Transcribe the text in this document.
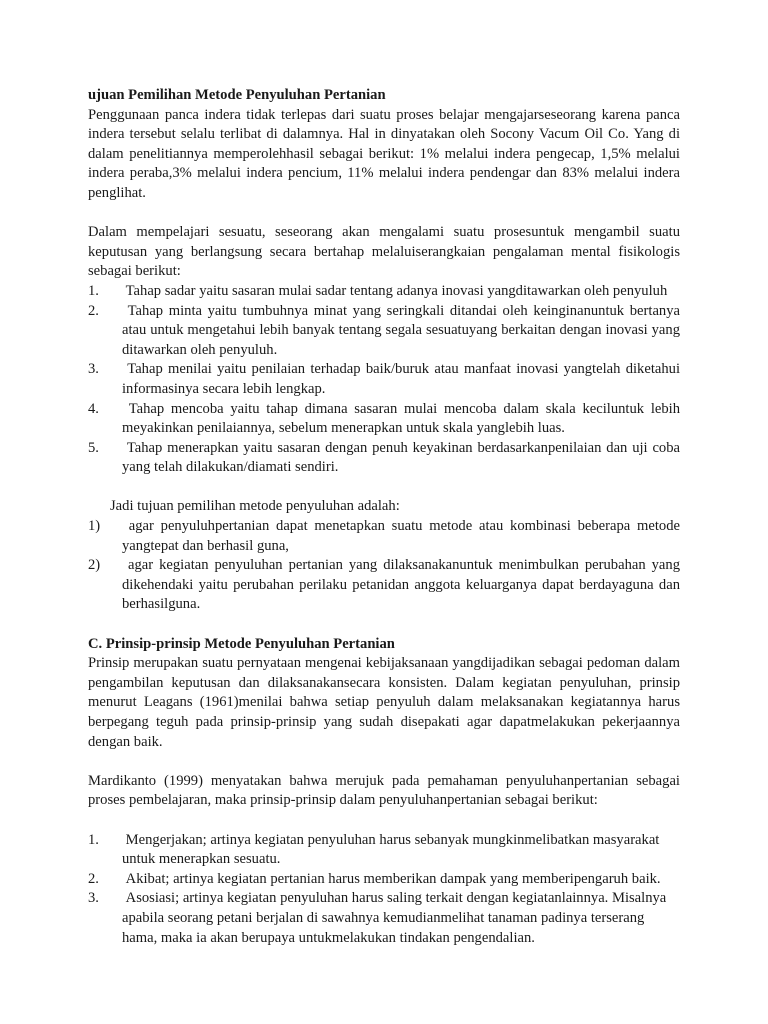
ujuan Pemilihan Metode Penyuluhan Pertanian

Penggunaan panca indera tidak terlepas dari suatu proses belajar mengajarseseorang karena panca indera tersebut selalu terlibat di dalamnya. Hal in dinyatakan oleh Socony Vacum Oil Co. Yang di dalam penelitiannya memperolehhasil sebagai berikut: 1% melalui indera pengecap, 1,5% melalui indera peraba,3% melalui indera pencium, 11% melalui indera pendengar dan 83% melalui indera penglihat.

Dalam mempelajari sesuatu, seseorang akan mengalami suatu prosesuntuk mengambil suatu keputusan yang berlangsung secara bertahap melaluiserangkaian pengalaman mental fisikologis sebagai berikut:

1.	Tahap sadar yaitu sasaran mulai sadar tentang adanya inovasi yangditawarkan oleh penyuluh
2.	Tahap minta yaitu tumbuhnya minat yang seringkali ditandai oleh keinginanuntuk bertanya atau untuk mengetahui lebih banyak tentang segala sesuatuyang berkaitan dengan inovasi yang ditawarkan oleh penyuluh.
3.	Tahap menilai yaitu penilaian terhadap baik/buruk atau manfaat inovasi yangtelah diketahui informasinya secara lebih lengkap.
4.	Tahap mencoba yaitu tahap dimana sasaran mulai mencoba dalam skala keciluntuk lebih meyakinkan penilaiannya, sebelum menerapkan untuk skala yanglebih luas.
5.	Tahap menerapkan yaitu sasaran dengan penuh keyakinan berdasarkanpenilaian dan uji coba yang telah dilakukan/diamati sendiri.

Jadi tujuan pemilihan metode penyuluhan adalah:

1)	agar penyuluhpertanian dapat menetapkan suatu metode atau kombinasi beberapa metode yangtepat dan berhasil guna,
2)	agar kegiatan penyuluhan pertanian yang dilaksanakanuntuk menimbulkan perubahan yang dikehendaki yaitu perubahan perilaku petanidan anggota keluarganya dapat berdayaguna dan berhasilguna.
C. Prinsip-prinsip Metode Penyuluhan Pertanian

Prinsip merupakan suatu pernyataan mengenai kebijaksanaan yangdijadikan sebagai pedoman dalam pengambilan keputusan dan dilaksanakansecara konsisten. Dalam kegiatan penyuluhan, prinsip menurut Leagans (1961)menilai bahwa setiap penyuluh dalam melaksanakan kegiatannya harus berpegang teguh pada prinsip-prinsip yang sudah disepakati agar dapatmelakukan pekerjaannya dengan baik.

Mardikanto (1999) menyatakan bahwa merujuk pada pemahaman penyuluhanpertanian sebagai proses pembelajaran, maka prinsip-prinsip dalam penyuluhanpertanian sebagai berikut:

1.	Mengerjakan; artinya kegiatan penyuluhan harus sebanyak mungkinmelibatkan masyarakat untuk menerapkan sesuatu.
2.	Akibat; artinya kegiatan pertanian harus memberikan dampak yang memberipengaruh baik.
3.	Asosiasi; artinya kegiatan penyuluhan harus saling terkait dengan kegiatanlainnya. Misalnya apabila seorang petani berjalan di sawahnya kemudianmelihat tanaman padinya terserang hama, maka ia akan berupaya untukmelakukan tindakan pengendalian.
